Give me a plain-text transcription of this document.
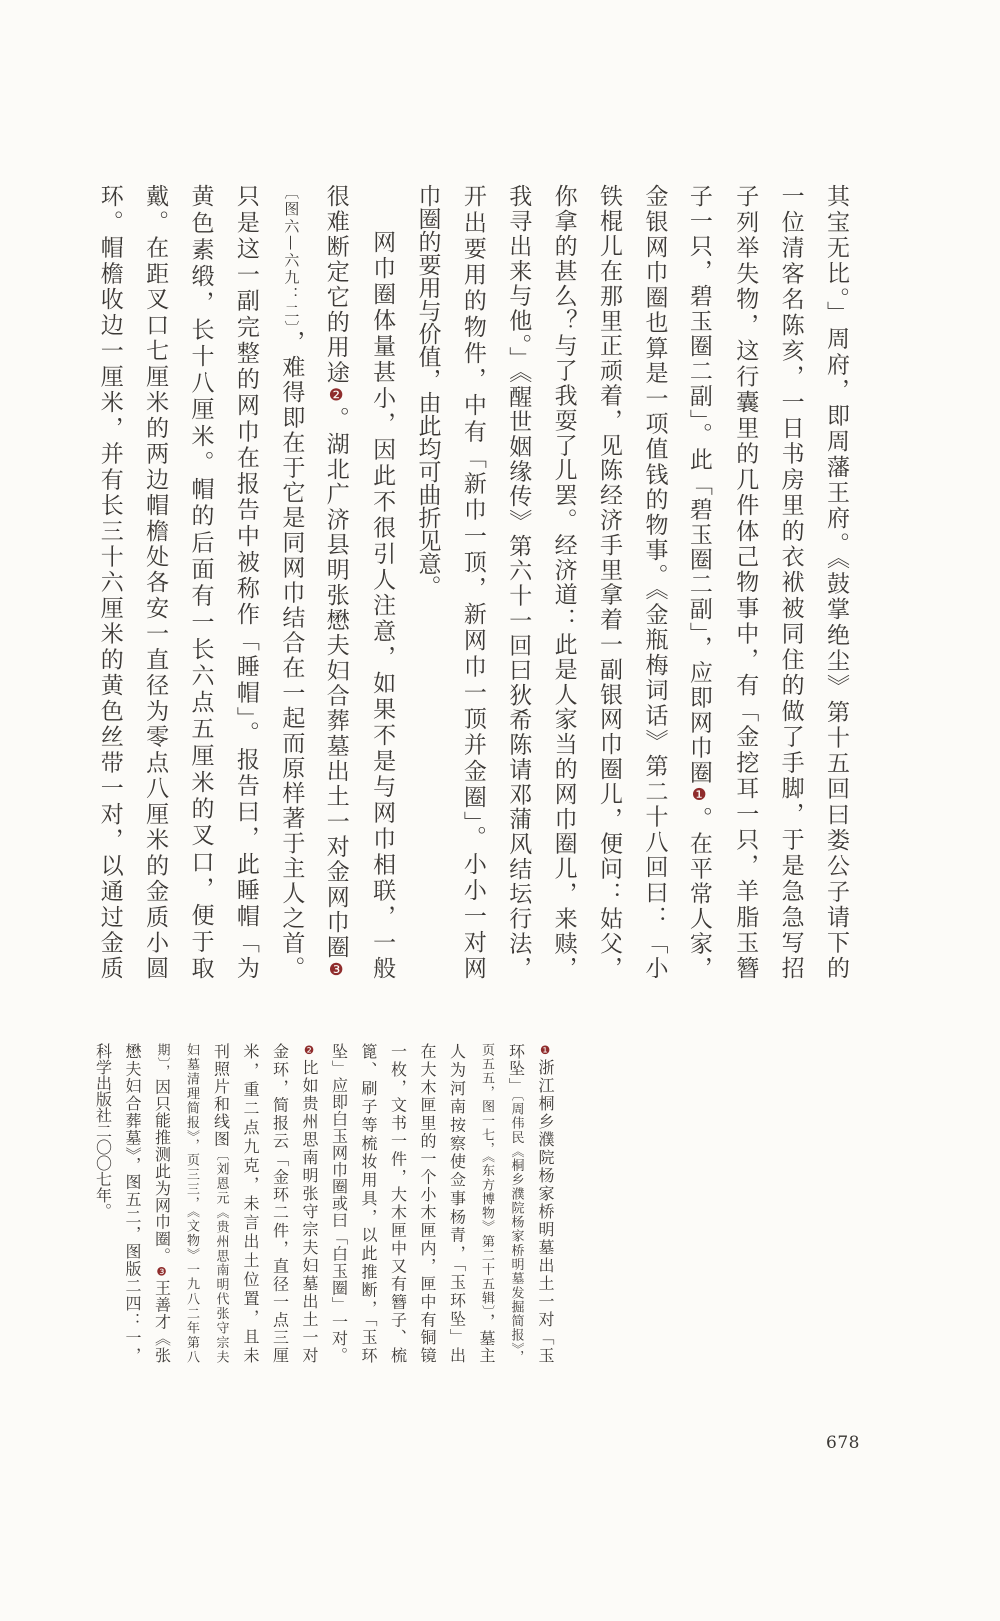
其宝无比。」周府，即周藩王府。《鼓掌绝尘》第十五回曰娄公子请下的
一位清客名陈亥，一日书房里的衣袱被同住的做了手脚，于是急急写招
子列举失物，这行囊里的几件体己物事中，有「金挖耳一只，羊脂玉簪
子一只，碧玉圈二副」。此「碧玉圈二副」，应即网巾圈❶。在平常人家，
金银网巾圈也算是一项值钱的物事。《金瓶梅词话》第二十八回曰：「小
铁棍儿在那里正顽着，见陈经济手里拿着一副银网巾圈儿，便问：姑父，
你拿的甚么？与了我耍了儿罢。经济道：此是人家当的网巾圈儿，来赎，
我寻出来与他。」《醒世姻缘传》第六十一回曰狄希陈请邓蒲风结坛行法，
开出要用的物件，中有「新巾一顶，新网巾一顶并金圈」。小小一对网
巾圈的要用与价值，由此均可曲折见意。
网巾圈体量甚小，因此不很引人注意，如果不是与网巾相联，一般
很难断定它的用途❷。湖北广济县明张懋夫妇合葬墓出土一对金网巾圈❸
〔图六—六九：二〕，难得即在于它是同网巾结合在一起而原样著于主人之首。
只是这一副完整的网巾在报告中被称作「睡帽」。报告曰，此睡帽「为
黄色素缎，长十八厘米。帽的后面有一长六点五厘米的叉口，便于取
戴。在距叉口七厘米的两边帽檐处各安一直径为零点八厘米的金质小圆
环。帽檐收边一厘米，并有长三十六厘米的黄色丝带一对，以通过金质
❶浙江桐乡濮院杨家桥明墓出土一对「玉
环坠」〔周伟民《桐乡濮院杨家桥明墓发掘简报》，
页五五，图一七，《东方博物》第二十五辑〕，墓主
人为河南按察使佥事杨青，「玉环坠」出
在大木匣里的一个小木匣内，匣中有铜镜
一枚，文书一件，大木匣中又有簪子、梳
篦、刷子等梳妆用具，以此推断，「玉环
坠」应即白玉网巾圈或曰「白玉圈」一对。
❷比如贵州思南明张守宗夫妇墓出土一对
金环，简报云「金环二件，直径一点三厘
米，重二点九克，未言出土位置，且未
刊照片和线图〔刘恩元《贵州思南明代张守宗夫
妇墓清理简报》，页三三，《文物》一九八二年第八
期〕，因只能推测此为网巾圈。❸王善才《张
懋夫妇合葬墓》，图五二，图版二四：一，
科学出版社二〇〇七年。
678
